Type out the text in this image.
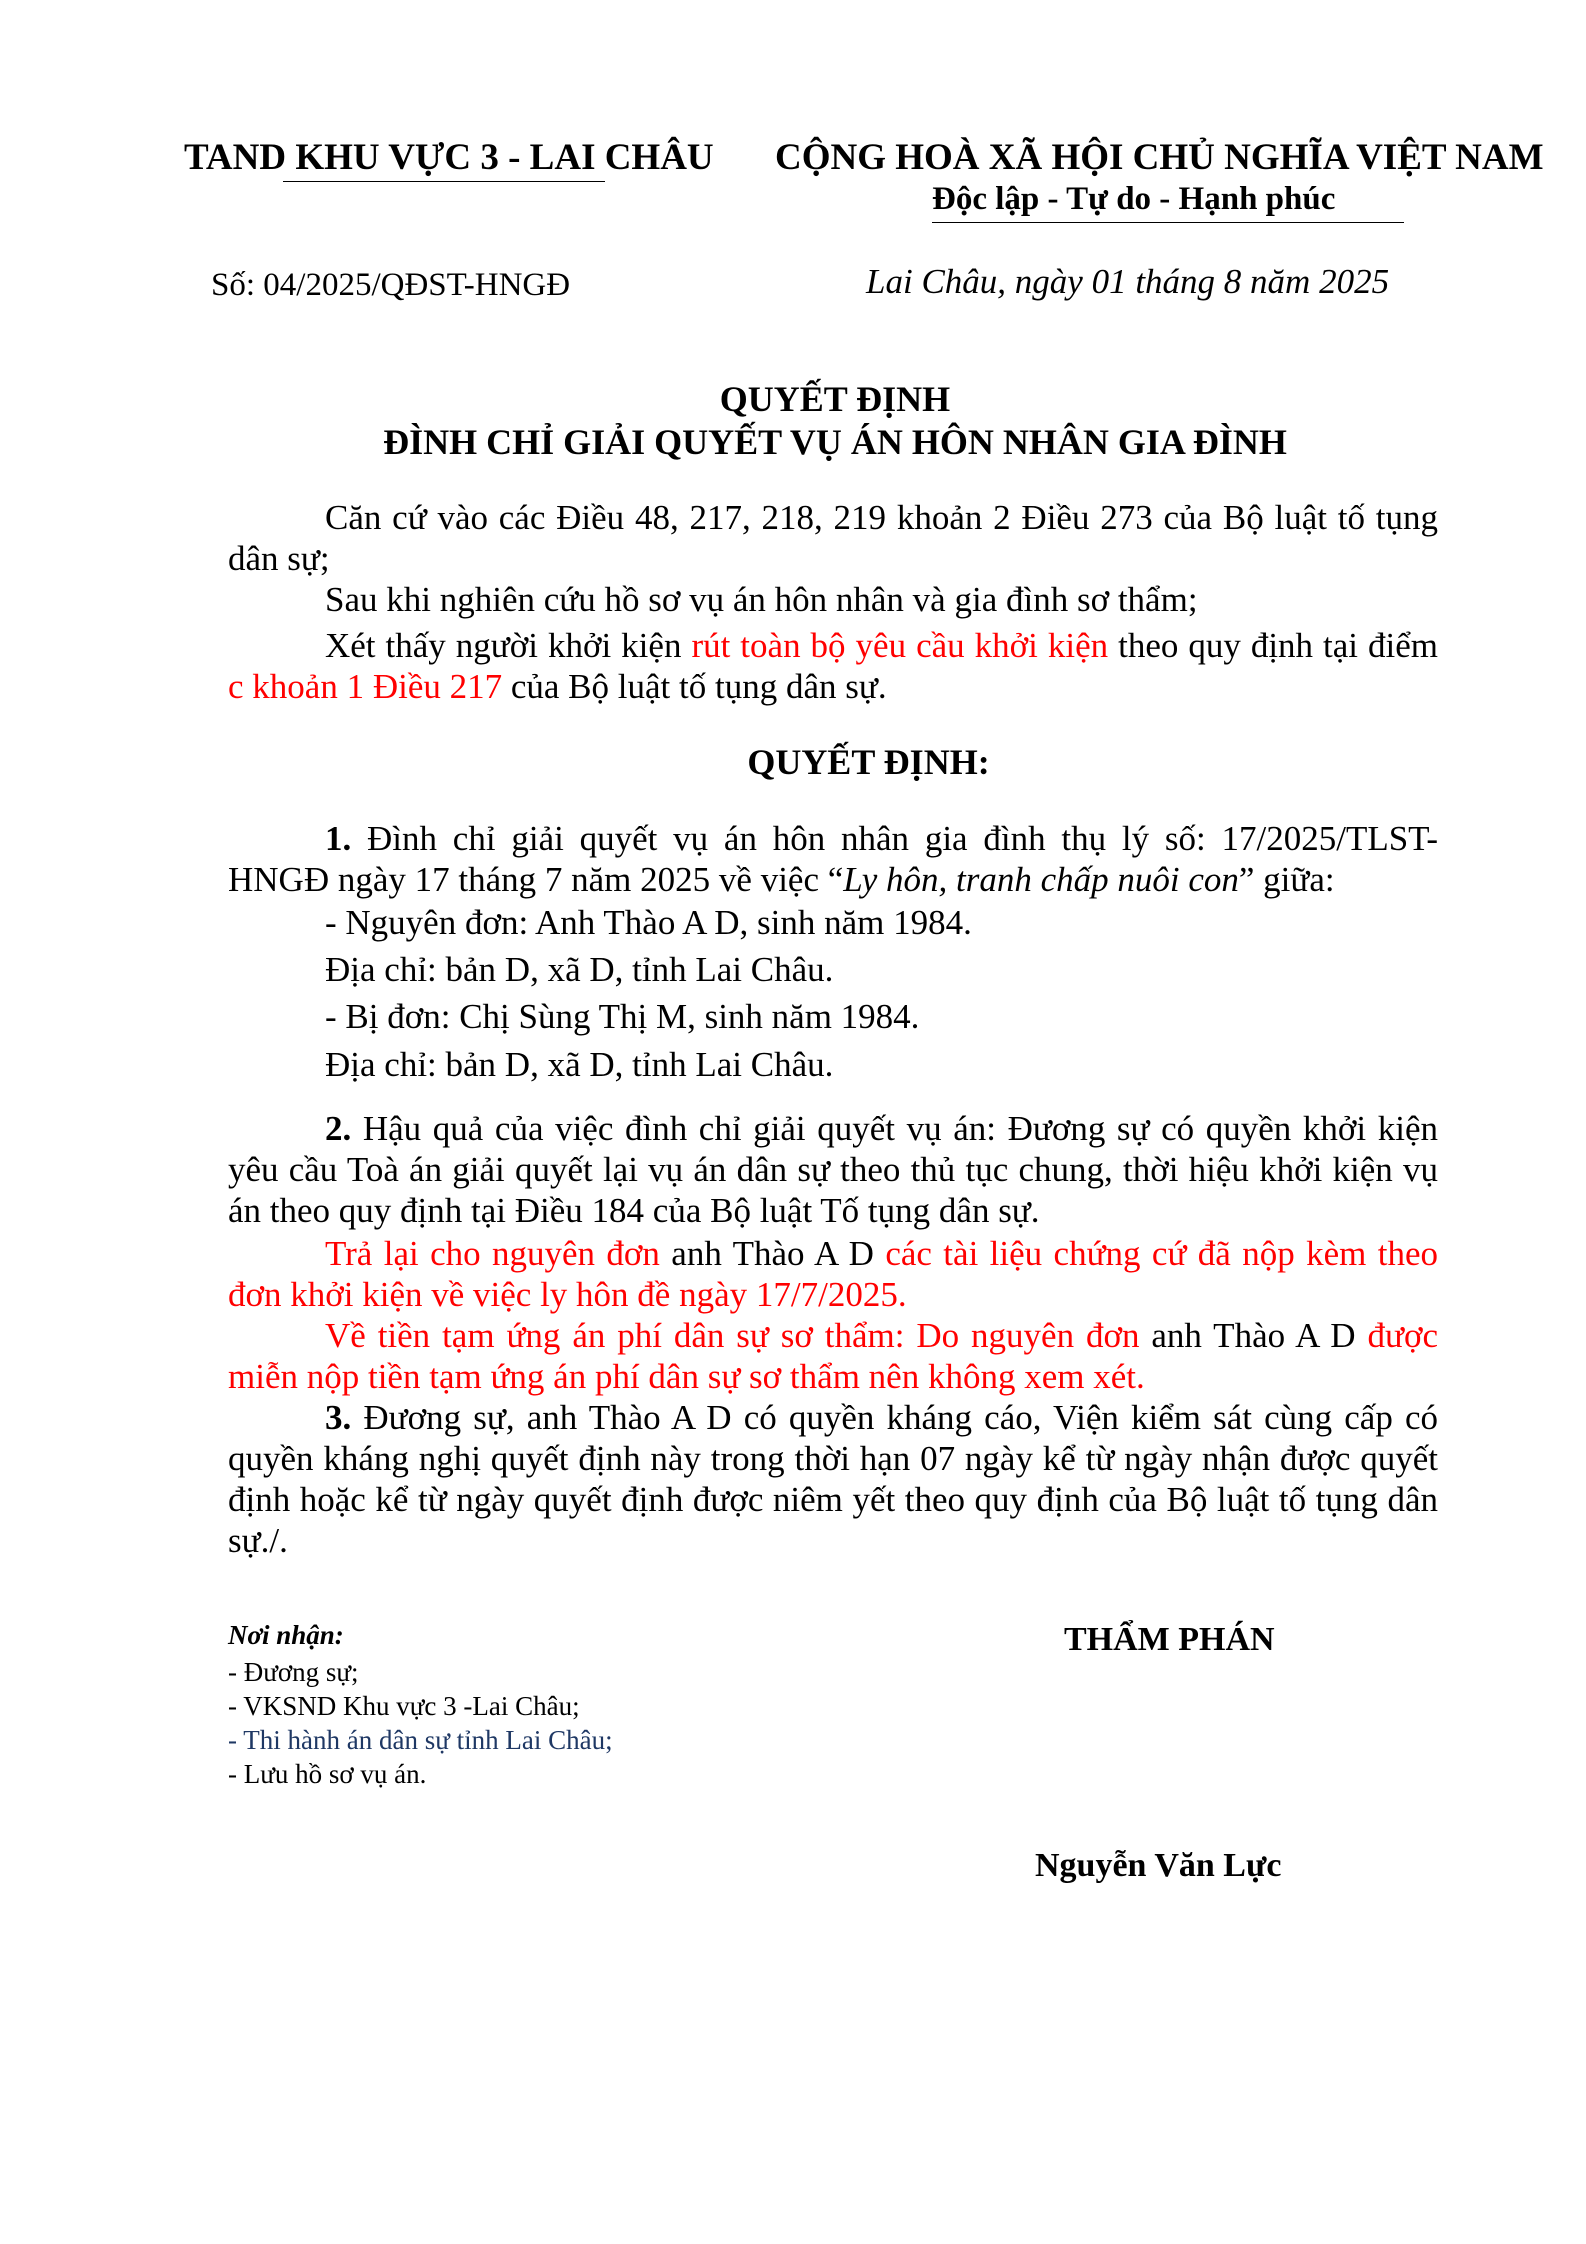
TAND KHU VỰC 3 - LAI CHÂU CỘNG HOÀ XÃ HỘI CHỦ NGHĨA VIỆT NAM
Độc lập - Tự do - Hạnh phúc
Số: 04/2025/QĐST-HNGĐ	Lai Châu, ngày 01 tháng 8 năm 2025
QUYẾT ĐỊNH
ĐÌNH CHỈ GIẢI QUYẾT VỤ ÁN HÔN NHÂN GIA ĐÌNH

Căn cứ vào các Điều 48, 217, 218, 219 khoản 2 Điều 273 của Bộ luật tố tụng dân sự;

Sau khi nghiên cứu hồ sơ vụ án hôn nhân và gia đình sơ thẩm;

Xét thấy người khởi kiện rút toàn bộ yêu cầu khởi kiện theo quy định tại điểm c khoản 1 Điều 217 của Bộ luật tố tụng dân sự.

QUYẾT ĐỊNH:

1. Đình chỉ giải quyết vụ án hôn nhân gia đình thụ lý số: 17/2025/TLST-HNGĐ ngày 17 tháng 7 năm 2025 về việc “Ly hôn, tranh chấp nuôi con” giữa:

- Nguyên đơn: Anh Thào A D, sinh năm 1984.
Địa chỉ: bản D, xã D, tỉnh Lai Châu.
- Bị đơn: Chị Sùng Thị M, sinh năm 1984.
Địa chỉ: bản D, xã D, tỉnh Lai Châu.

2. Hậu quả của việc đình chỉ giải quyết vụ án: Đương sự có quyền khởi kiện yêu cầu Toà án giải quyết lại vụ án dân sự theo thủ tục chung, thời hiệu khởi kiện vụ án theo quy định tại Điều 184 của Bộ luật Tố tụng dân sự.

Trả lại cho nguyên đơn anh Thào A D các tài liệu chứng cứ đã nộp kèm theo đơn khởi kiện về việc ly hôn đề ngày 17/7/2025.

Về tiền tạm ứng án phí dân sự sơ thẩm: Do nguyên đơn anh Thào A D được miễn nộp tiền tạm ứng án phí dân sự sơ thẩm nên không xem xét.

3. Đương sự, anh Thào A D có quyền kháng cáo, Viện kiểm sát cùng cấp có quyền kháng nghị quyết định này trong thời hạn 07 ngày kể từ ngày nhận được quyết định hoặc kể từ ngày quyết định được niêm yết theo quy định của Bộ luật tố tụng dân sự./.

Nơi nhận:
- Đương sự;
- VKSND Khu vực 3 -Lai Châu;
- Thi hành án dân sự tỉnh Lai Châu;
- Lưu hồ sơ vụ án.
THẨM PHÁN
Nguyễn Văn Lực
